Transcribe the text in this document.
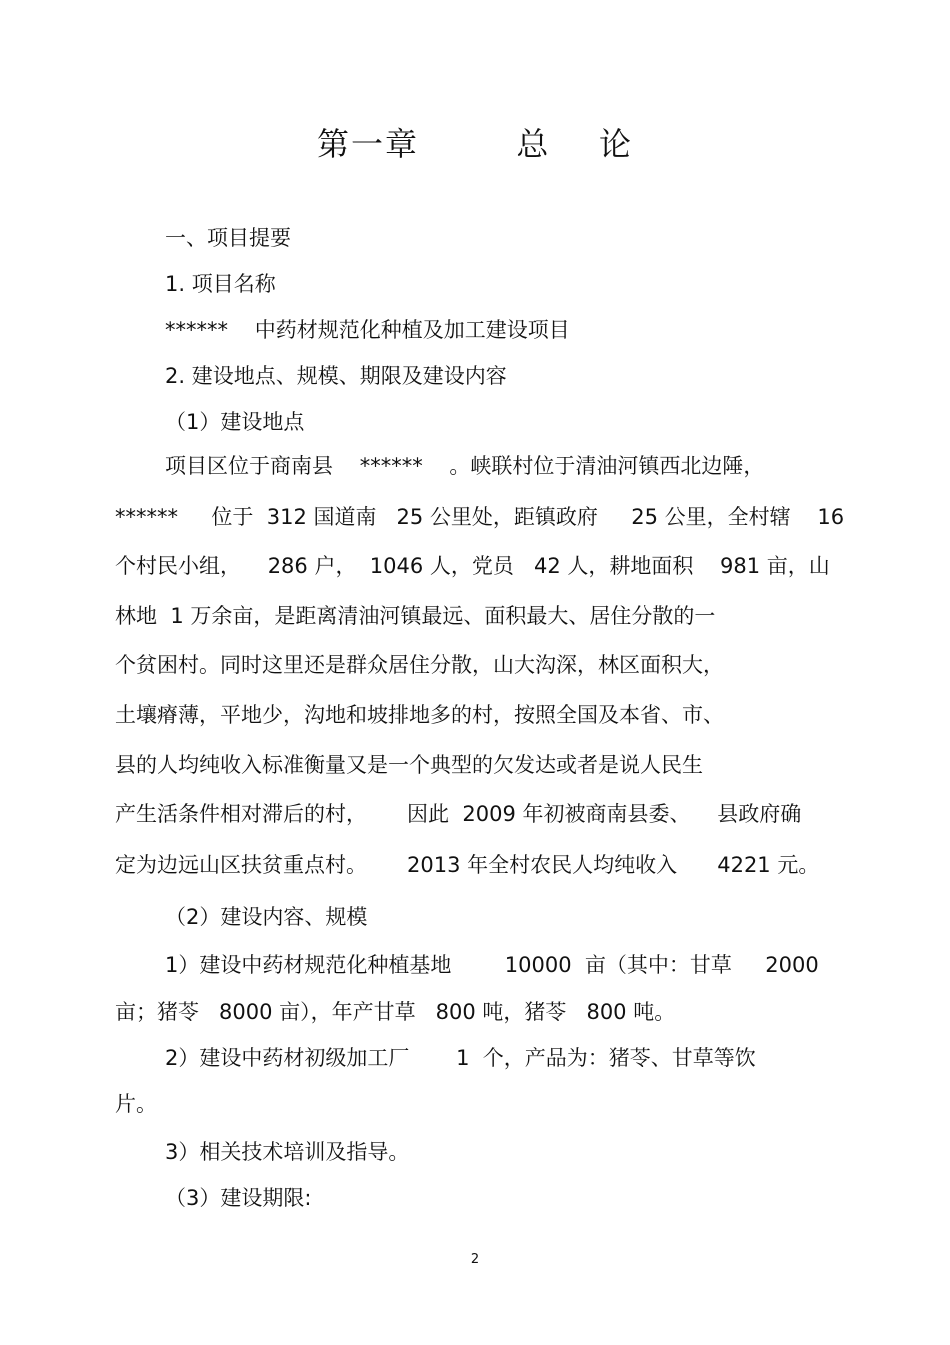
第一章        总    论
一、项目提要
1. 项目名称
******    中药材规范化种植及加工建设项目
2. 建设地点、规模、期限及建设内容
（1）建设地点
项目区位于商南县    ******    。峡联村位于清油河镇西北边陲，
******     位于  312 国道南   25 公里处，距镇政府     25 公里，全村辖    16
个村民小组，    286 户，  1046 人，党员   42 人，耕地面积    981 亩，山
林地  1 万余亩，是距离清油河镇最远、面积最大、居住分散的一
个贫困村。同时这里还是群众居住分散，山大沟深，林区面积大，
土壤瘠薄，平地少，沟地和坡排地多的村，按照全国及本省、市、
县的人均纯收入标准衡量又是一个典型的欠发达或者是说人民生
产生活条件相对滞后的村，      因此  2009 年初被商南县委、    县政府确
定为边远山区扶贫重点村。      2013 年全村农民人均纯收入      4221 元。
（2）建设内容、规模
1）建设中药材规范化种植基地        10000  亩（其中：甘草     2000
亩；猪苓   8000 亩），年产甘草   800 吨，猪苓   800 吨。
2）建设中药材初级加工厂       1  个，产品为：猪苓、甘草等饮
片。
3）相关技术培训及指导。
（3）建设期限:
2
